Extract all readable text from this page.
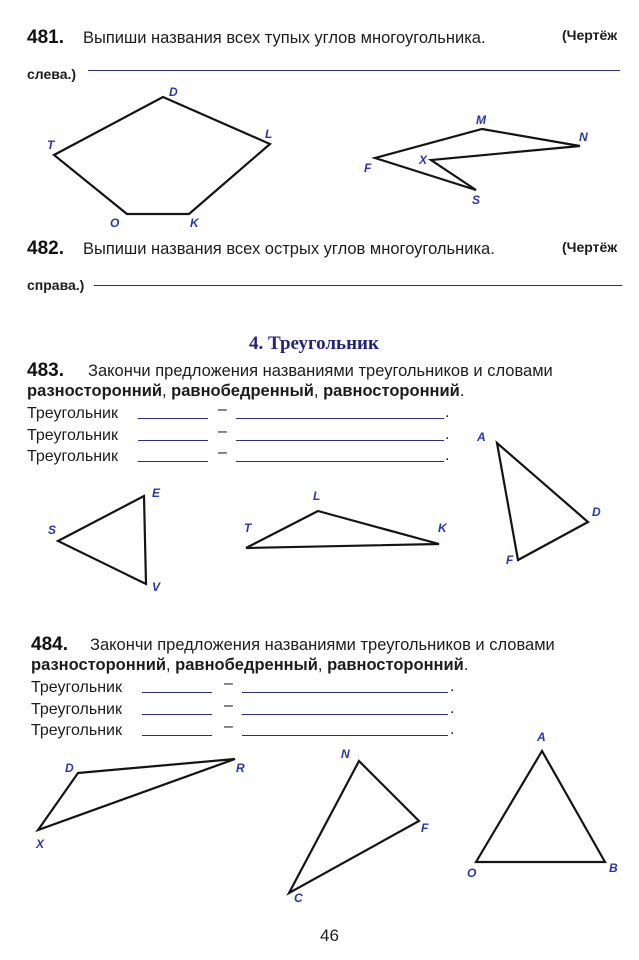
481. Выпиши названия всех тупых углов многоугольника.	(Чертёж
слева.)
482. Выпиши названия всех острых углов многоугольника.	(Чертёж
справа.)
4. Треугольник
483. Закончи предложения названиями треугольников и словами
разносторонний, равнобедренный, равносторонний.
Треугольник	–	.
Треугольник	–	.
Треугольник	–	.
484. Закончи предложения названиями треугольников и словами
разносторонний, равнобедренный, равносторонний.
Треугольник	–	.
Треугольник	–	.
Треугольник	–	.
D
L
K
O
T
M
N
F
X
S
E
S
V
L
T	K
A
D
F
D	R
X
N
F
C
A
O	B
46
